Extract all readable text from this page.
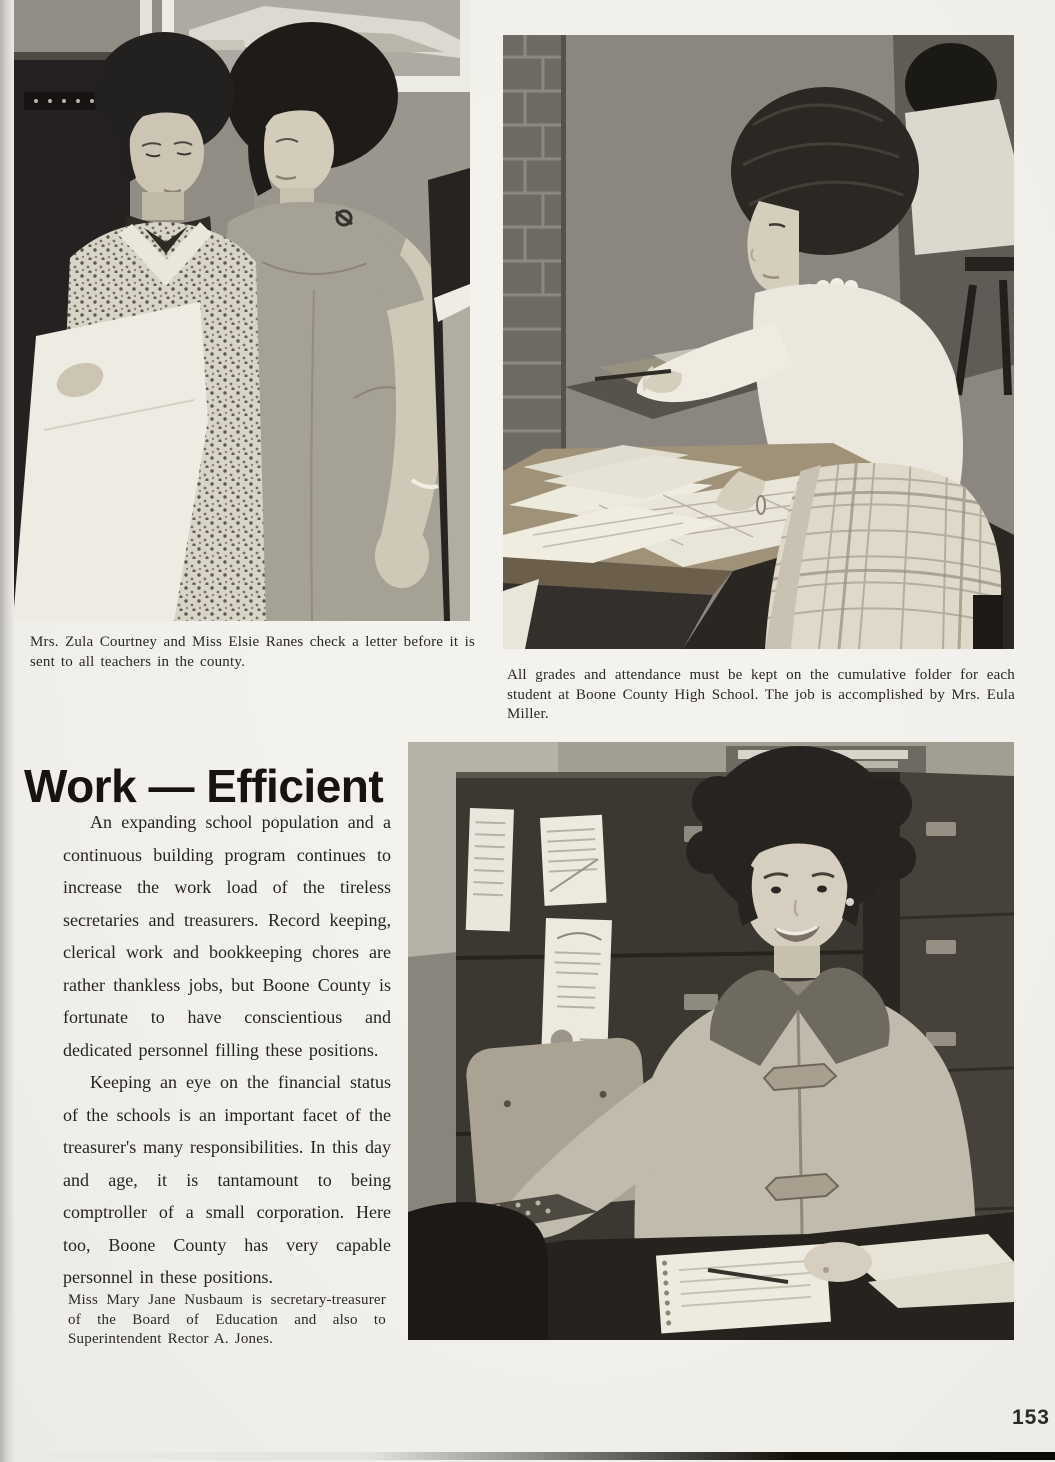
Mrs. Zula Courtney and Miss Elsie Ranes check a letter before it is sent to all teachers in the county.
All grades and attendance must be kept on the cumulative folder for each student at Boone County High School. The job is accomplished by Mrs. Eula Miller.
Work — Efficient

An expanding school population and a continuous building program continues to increase the work load of the tireless secretaries and treasurers. Record keeping, clerical work and bookkeeping chores are rather thankless jobs, but Boone County is fortunate to have conscientious and dedicated personnel filling these positions.

Keeping an eye on the financial status of the schools is an important facet of the treasurer's many responsibilities. In this day and age, it is tantamount to being comptroller of a small corporation. Here too, Boone County has very capable personnel in these positions.

Miss Mary Jane Nusbaum is secretary-treasurer of the Board of Education and also to Superintendent Rector A. Jones.
153
